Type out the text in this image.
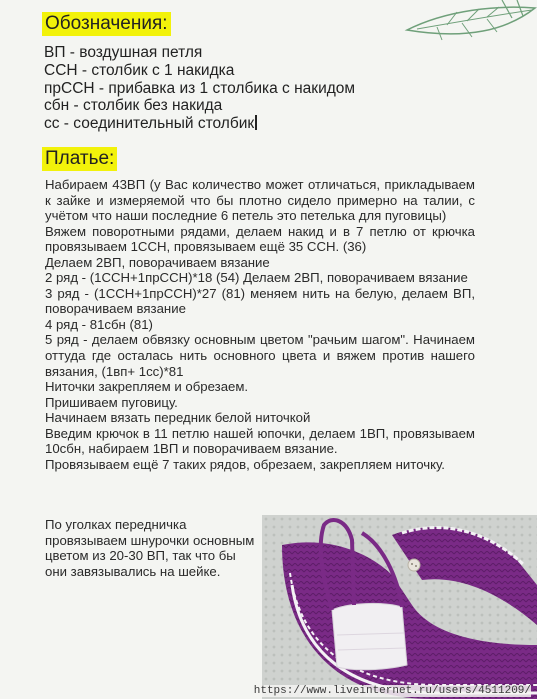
Обозначения:
ВП - воздушная петля
ССН - столбик с 1 накидка
прССН - прибавка из 1 столбика с накидом
сбн - столбик без накида
сс - соединительный столбик
Платье:

Набираем 43ВП (у Вас количество может отличаться, прикладываем к зайке и измеряемой что бы плотно сидело примерно на талии, с учётом что наши последние 6 петель это петелька для пуговицы)

Вяжем поворотными рядами, делаем накид и в 7 петлю от крючка провязываем 1ССН, провязываем ещё 35 ССН. (36)

Делаем 2ВП, поворачиваем вязание

2 ряд - (1ССН+1прССН)*18 (54) Делаем 2ВП, поворачиваем вязание

3 ряд - (1ССН+1прССН)*27 (81) меняем нить на белую, делаем ВП, поворачиваем вязание

4 ряд - 81сбн (81)

5 ряд - делаем обвязку основным цветом "рачьим шагом". Начинаем оттуда где осталась нить основного цвета и вяжем против нашего вязания, (1вп+ 1сс)*81

Ниточки закрепляем и обрезаем.

Пришиваем пуговицу.

Начинаем вязать передник белой ниточкой

Введим крючок в 11 петлю нашей юпочки, делаем 1ВП, провязываем 10сбн, набираем 1ВП и поворачиваем вязание.

Провязываем ещё 7 таких рядов, обрезаем, закрепляем ниточку.

По уголках передничка провязываем шнурочки основным цветом из 20-30 ВП, так что бы они завязывались на шейке.

https://www.liveinternet.ru/users/4511209/
